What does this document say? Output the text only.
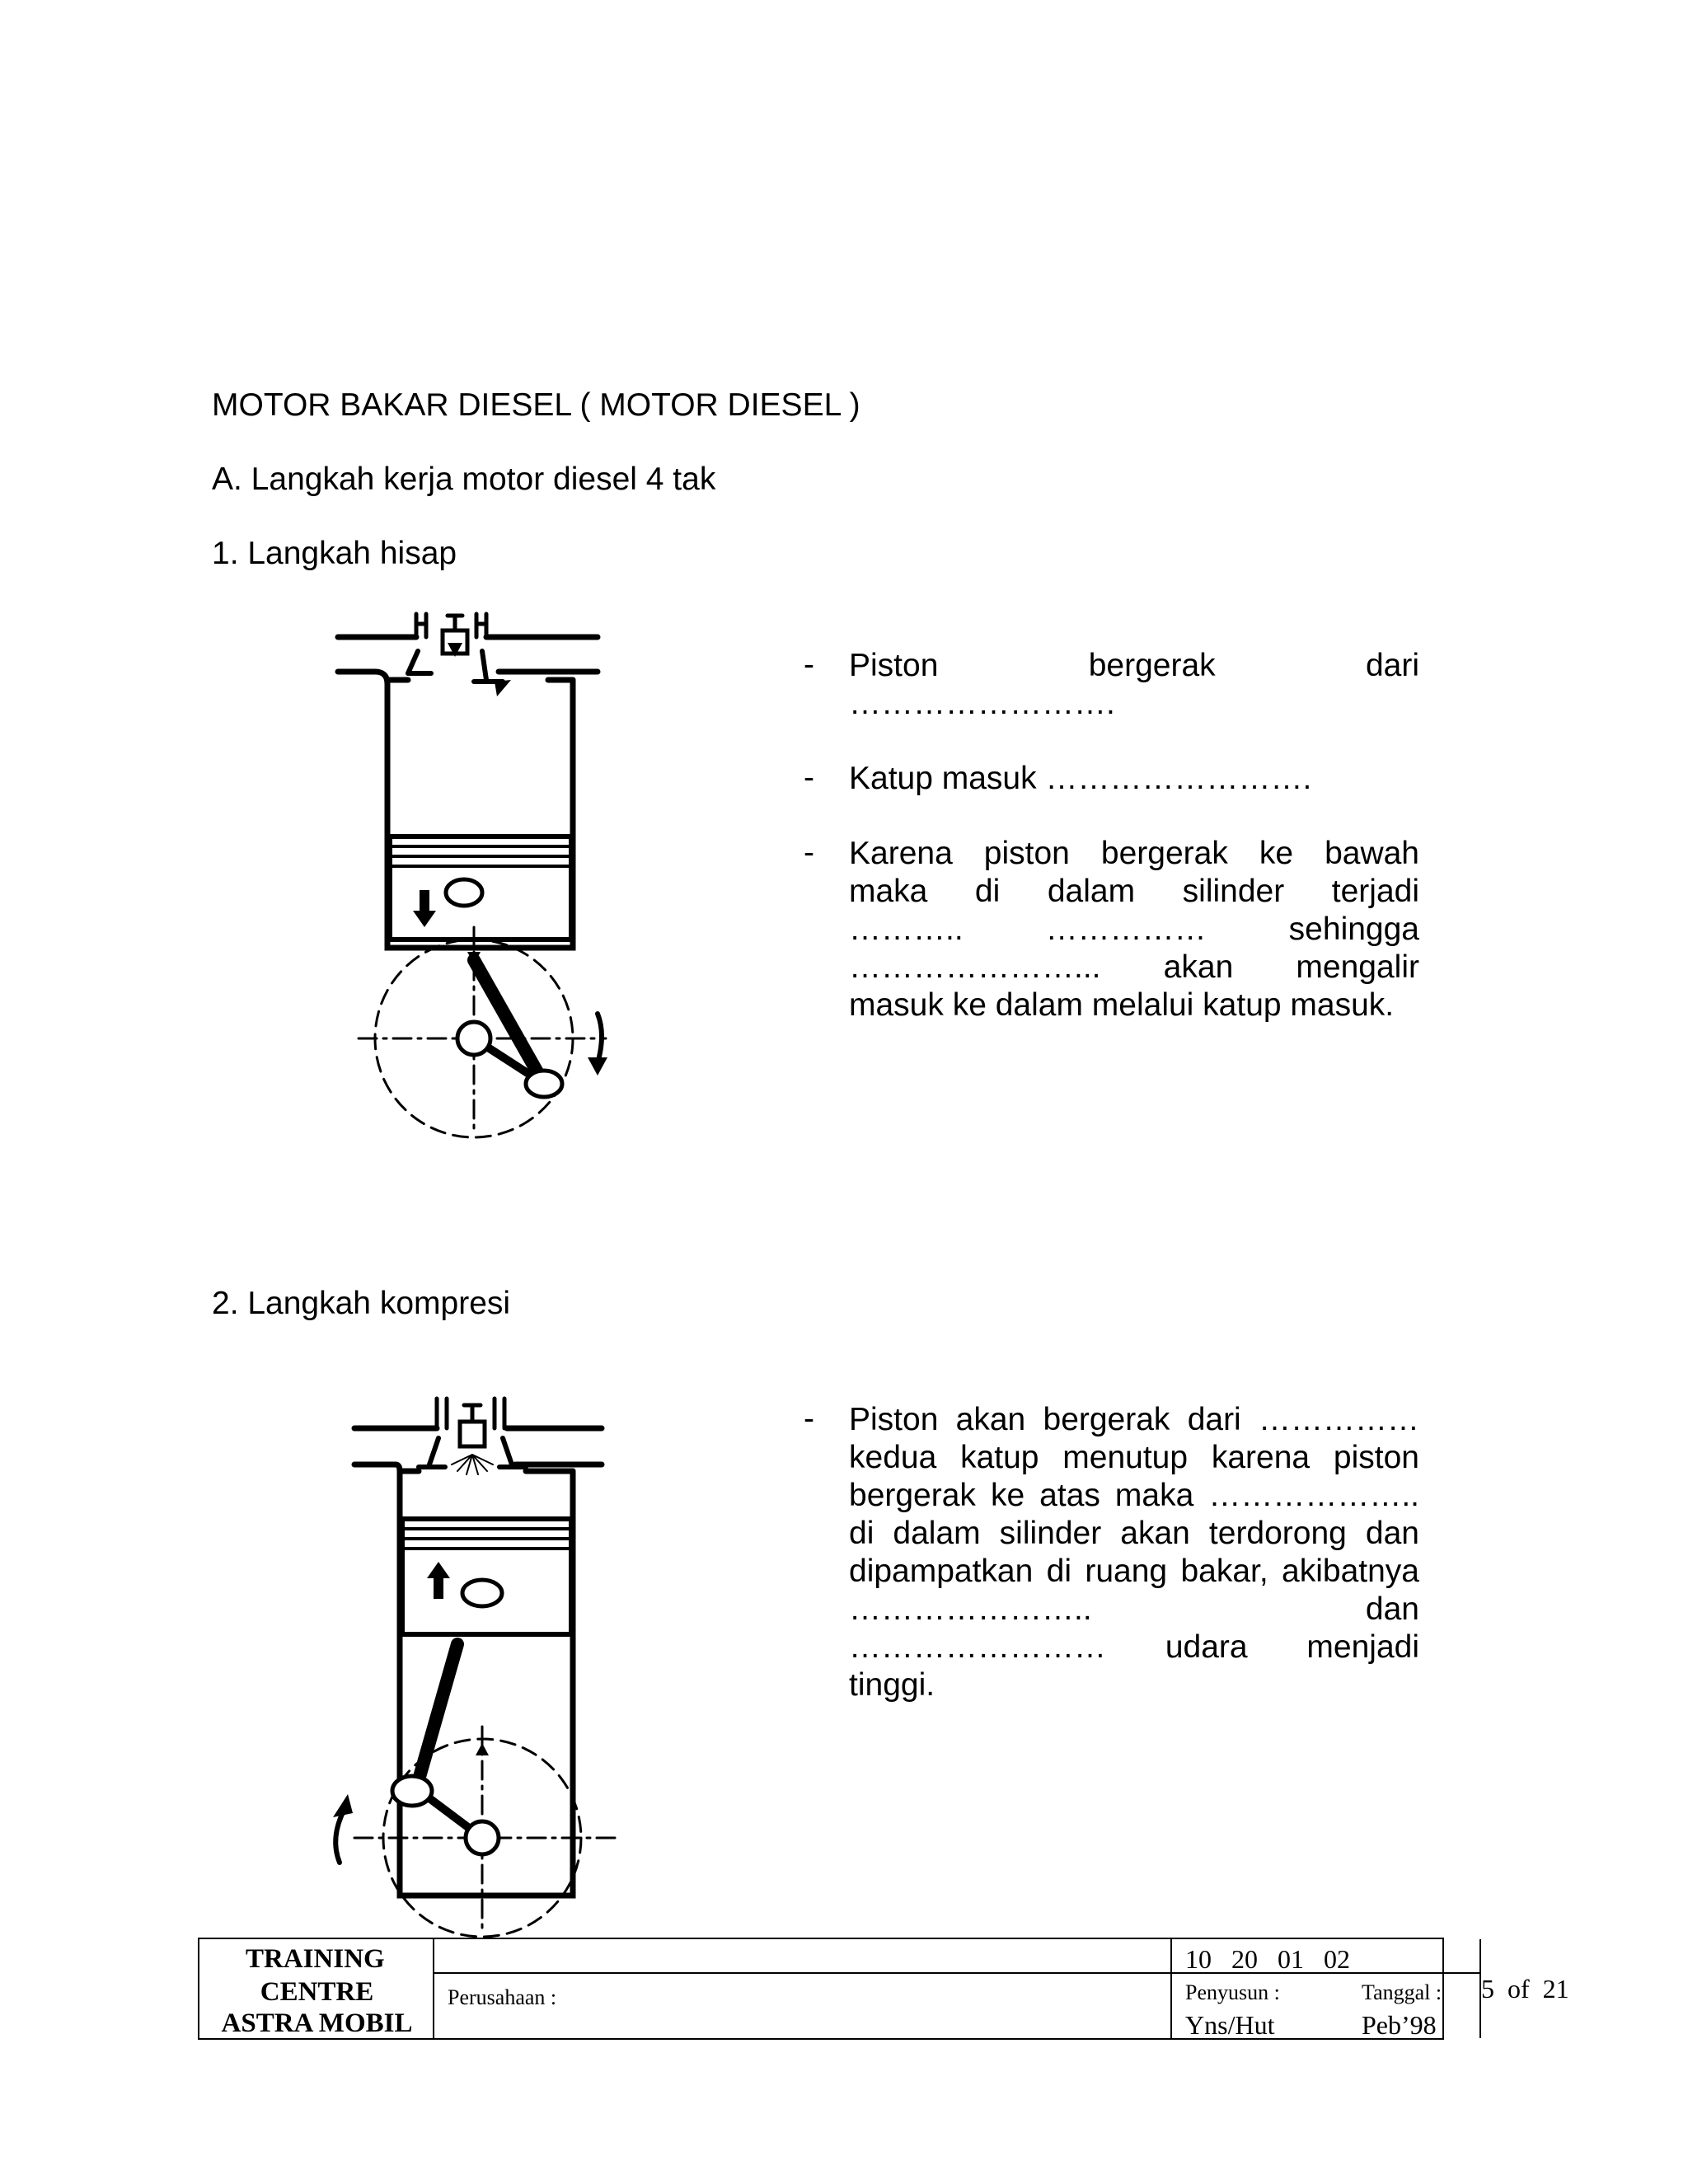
MOTOR BAKAR DIESEL ( MOTOR DIESEL )
A. Langkah kerja motor diesel 4 tak
1. Langkah hisap
- Piston bergerak dari
…………………….
- Katup masuk …………………….
- Karena piston bergerak ke bawah
maka di dalam silinder terjadi
……….. …………… sehingga
…………………... akan mengalir
masuk ke dalam melalui katup masuk.
2. Langkah kompresi
- Piston akan bergerak dari ……………
kedua katup menutup karena piston
bergerak ke atas maka ………………..
di dalam silinder akan terdorong dan
dipampatkan di ruang bakar, akibatnya
………………….. dan
…………………… udara menjadi
tinggi.
TRAINING
CENTRE
ASTRA MOBIL
Perusahaan :
10   20   01   02
Penyusun :	Tanggal :
Yns/Hut	Peb’98
5  of  21
